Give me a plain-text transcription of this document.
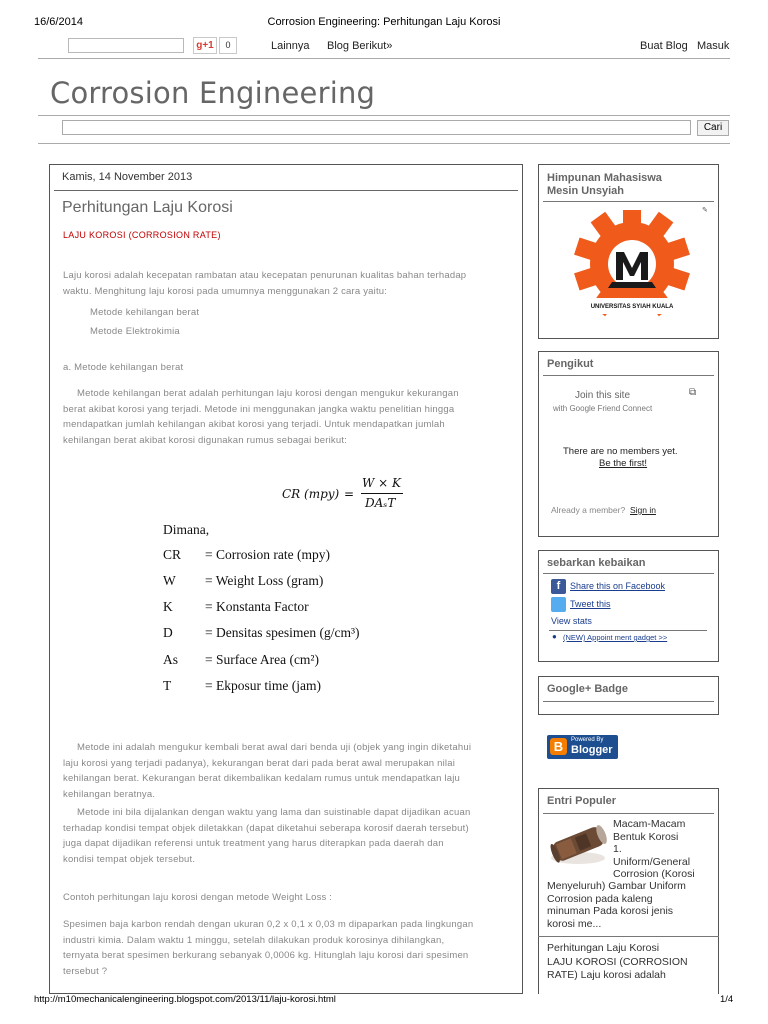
16/6/2014	Corrosion Engineering: Perhitungan Laju Korosi
g+1	0	Lainnya Blog Berikut»	Buat Blog Masuk
Corrosion Engineering
Cari
Kamis, 14 November 2013
Perhitungan Laju Korosi
LAJU KOROSI (CORROSION RATE)
Laju korosi adalah kecepatan rambatan atau kecepatan penurunan kualitas bahan terhadap
waktu. Menghitung laju korosi pada umumnya menggunakan 2 cara yaitu:
Metode kehilangan berat
Metode Elektrokimia
a. Metode kehilangan berat
Metode kehilangan berat adalah perhitungan laju korosi dengan mengukur kekurangan
berat akibat korosi yang terjadi. Metode ini menggunakan jangka waktu penelitian hingga
mendapatkan jumlah kehilangan akibat korosi yang terjadi. Untuk mendapatkan jumlah
kehilangan berat akibat korosi digunakan rumus sebagai berikut:
CR (mpy) =
W × K
DAₛT
Dimana,
CR = Corrosion rate (mpy)
W = Weight Loss (gram)
K = Konstanta Factor
D = Densitas spesimen (g/cm³)
As = Surface Area (cm²)
T	= Ekposur time (jam)
Metode ini adalah mengukur kembali berat awal dari benda uji (objek yang ingin diketahui
laju korosi yang terjadi padanya), kekurangan berat dari pada berat awal merupakan nilai
kehilangan berat. Kekurangan berat dikembalikan kedalam rumus untuk mendapatkan laju
kehilangan beratnya.
Metode ini bila dijalankan dengan waktu yang lama dan suistinable dapat dijadikan acuan
terhadap kondisi tempat objek diletakkan (dapat diketahui seberapa korosif daerah tersebut)
juga dapat dijadikan referensi untuk treatment yang harus diterapkan pada daerah dan
kondisi tempat objek tersebut.
Contoh perhitungan laju korosi dengan metode Weight Loss :
Spesimen baja karbon rendah dengan ukuran 0,2 x 0,1 x 0,03 m dipaparkan pada lingkungan
industri kimia. Dalam waktu 1 minggu, setelah dilakukan produk korosinya dihilangkan,
ternyata berat spesimen berkurang sebanyak 0,0006 kg. Hitunglah laju korosi dari spesimen
tersebut ?
Himpunan Mahasiswa
Mesin Unsyiah
✎
UNIVERSITAS SYIAH KUALA
Pengikut
Join this site	⧉
with Google Friend Connect
There are no members yet.
Be the first!
Already a member? Sign in
sebarkan kebaikan
f	Share this on Facebook
Tweet this
View stats
● (NEW) Appoint ment gadget >>
Google+ Badge
B	Powered By
Blogger
Entri Populer
Macam-Macam
Bentuk Korosi
1.
Uniform/General
Corrosion (Korosi
Menyeluruh) Gambar Uniform
Corrosion pada kaleng
minuman Pada korosi jenis
korosi me...
Perhitungan Laju Korosi
LAJU KOROSI (CORROSION
RATE) Laju korosi adalah
http://m10mechanicalengineering.blogspot.com/2013/11/laju-korosi.html	1/4
